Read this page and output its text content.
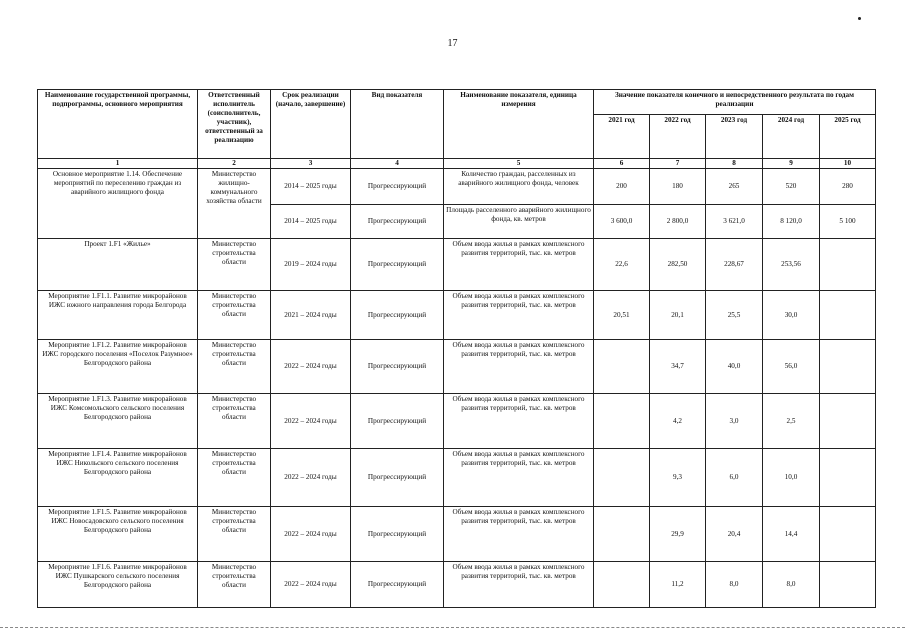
17
Наименование государственной программы, подпрограммы, основного мероприятия	Ответственный исполнитель (соисполнитель, участник), ответственный за реализацию	Срок реализации (начало, завершение)	Вид показателя	Наименование показателя, единица измерения	Значение показателя конечного и непосредственного результата по годам реализации				
					2021 год	2022 год	2023 год	2024 год	2025 год
1	2	3	4	5	6	7	8	9	10
Основное мероприятие 1.14. Обеспечение мероприятий по переселению граждан из аварийного жилищного фонда	Министерство жилищно-коммунального хозяйства области	2014 – 2025 годы	Прогрессирующий	Количество граждан, расселенных из аварийного жилищного фонда, человек	200	180	265	520	280
		2014 – 2025 годы	Прогрессирующий	Площадь расселенного аварийного жилищного фонда, кв. метров	3 600,0	2 800,0	3 621,0	8 120,0	5 100
Проект 1.F1 «Жилье»	Министерство строительства области	2019 – 2024 годы	Прогрессирующий	Объем ввода жилья в рамках комплексного развития территорий, тыс. кв. метров	22,6	282,50	228,67	253,56	
Мероприятие 1.F1.1. Развитие микрорайонов ИЖС южного направления города Белгорода	Министерство строительства области	2021 – 2024 годы	Прогрессирующий	Объем ввода жилья в рамках комплексного развития территорий, тыс. кв. метров	20,51	20,1	25,5	30,0	
Мероприятие 1.F1.2. Развитие микрорайонов ИЖС городского поселения «Поселок Разумное» Белгородского района	Министерство строительства области	2022 – 2024 годы	Прогрессирующий	Объем ввода жилья в рамках комплексного развития территорий, тыс. кв. метров		34,7	40,0	56,0	
Мероприятие 1.F1.3. Развитие микрорайонов ИЖС Комсомольского сельского поселения Белгородского района	Министерство строительства области	2022 – 2024 годы	Прогрессирующий	Объем ввода жилья в рамках комплексного развития территорий, тыс. кв. метров		4,2	3,0	2,5	
Мероприятие 1.F1.4. Развитие микрорайонов ИЖС Никольского сельского поселения Белгородского района	Министерство строительства области	2022 – 2024 годы	Прогрессирующий	Объем ввода жилья в рамках комплексного развития территорий, тыс. кв. метров		9,3	6,0	10,0	
Мероприятие 1.F1.5. Развитие микрорайонов ИЖС Новосадовского сельского поселения Белгородского района	Министерство строительства области	2022 – 2024 годы	Прогрессирующий	Объем ввода жилья в рамках комплексного развития территорий, тыс. кв. метров		29,9	20,4	14,4	
Мероприятие 1.F1.6. Развитие микрорайонов ИЖС Пушкарского сельского поселения Белгородского района	Министерство строительства области	2022 – 2024 годы	Прогрессирующий	Объем ввода жилья в рамках комплексного развития территорий, тыс. кв. метров		11,2	8,0	8,0	
